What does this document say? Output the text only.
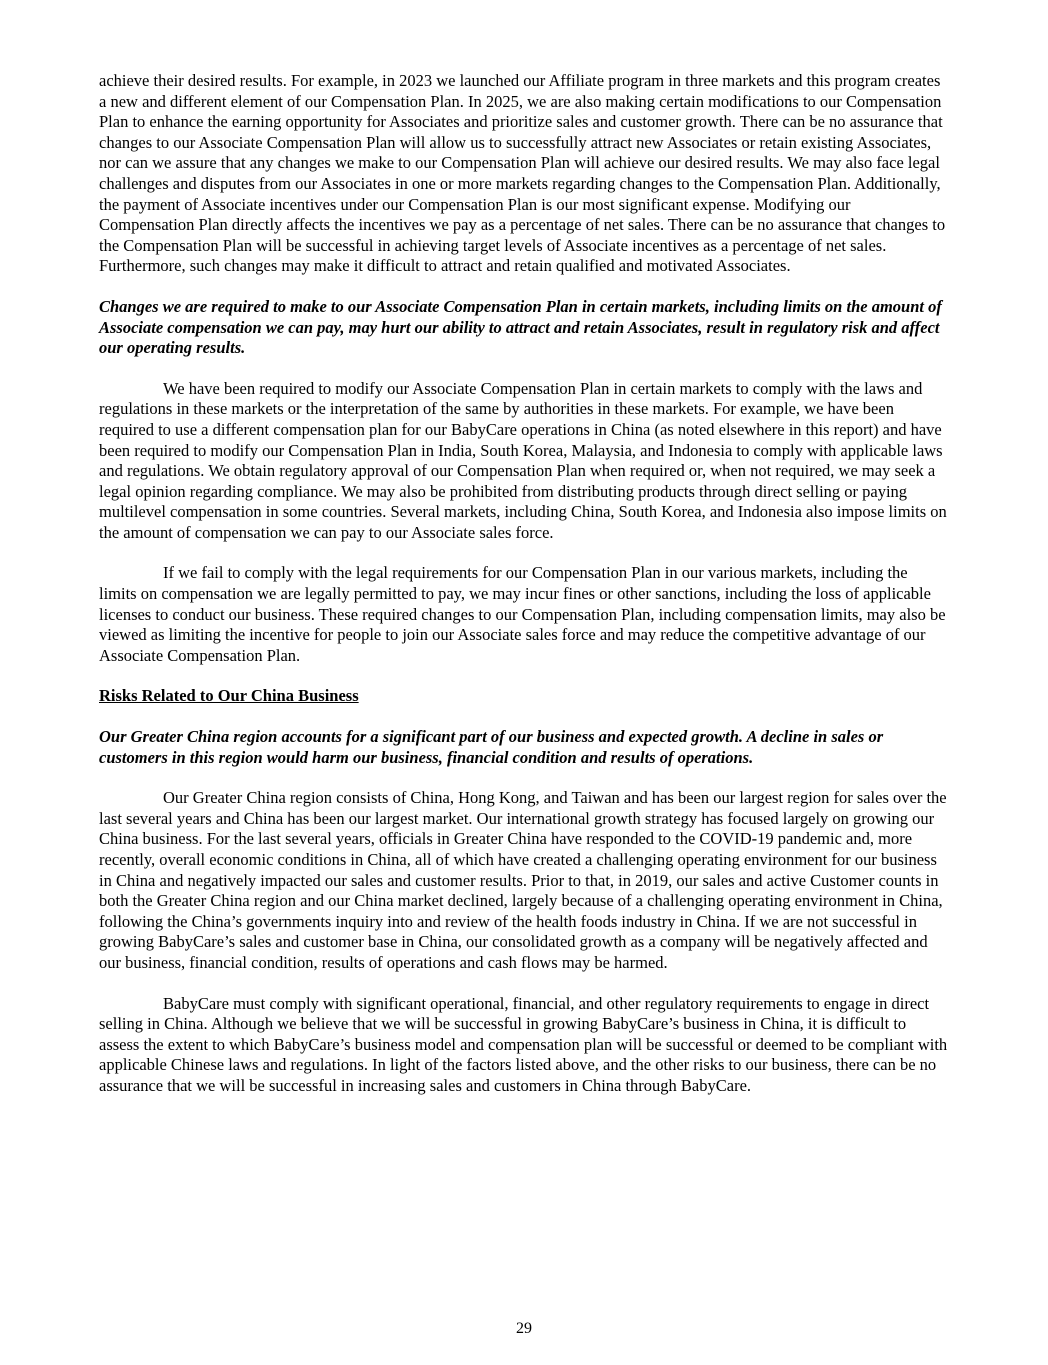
achieve their desired results. For example, in 2023 we launched our Affiliate program in three markets and this program creates a new and different element of our Compensation Plan. In 2025, we are also making certain modifications to our Compensation Plan to enhance the earning opportunity for Associates and prioritize sales and customer growth. There can be no assurance that changes to our Associate Compensation Plan will allow us to successfully attract new Associates or retain existing Associates, nor can we assure that any changes we make to our Compensation Plan will achieve our desired results. We may also face legal challenges and disputes from our Associates in one or more markets regarding changes to the Compensation Plan. Additionally, the payment of Associate incentives under our Compensation Plan is our most significant expense. Modifying our Compensation Plan directly affects the incentives we pay as a percentage of net sales. There can be no assurance that changes to the Compensation Plan will be successful in achieving target levels of Associate incentives as a percentage of net sales. Furthermore, such changes may make it difficult to attract and retain qualified and motivated Associates.

Changes we are required to make to our Associate Compensation Plan in certain markets, including limits on the amount of Associate compensation we can pay, may hurt our ability to attract and retain Associates, result in regulatory risk and affect our operating results.

We have been required to modify our Associate Compensation Plan in certain markets to comply with the laws and regulations in these markets or the interpretation of the same by authorities in these markets. For example, we have been required to use a different compensation plan for our BabyCare operations in China (as noted elsewhere in this report) and have been required to modify our Compensation Plan in India, South Korea, Malaysia, and Indonesia to comply with applicable laws and regulations. We obtain regulatory approval of our Compensation Plan when required or, when not required, we may seek a legal opinion regarding compliance. We may also be prohibited from distributing products through direct selling or paying multilevel compensation in some countries. Several markets, including China, South Korea, and Indonesia also impose limits on the amount of compensation we can pay to our Associate sales force.

If we fail to comply with the legal requirements for our Compensation Plan in our various markets, including the limits on compensation we are legally permitted to pay, we may incur fines or other sanctions, including the loss of applicable licenses to conduct our business. These required changes to our Compensation Plan, including compensation limits, may also be viewed as limiting the incentive for people to join our Associate sales force and may reduce the competitive advantage of our Associate Compensation Plan.

Risks Related to Our China Business

Our Greater China region accounts for a significant part of our business and expected growth. A decline in sales or customers in this region would harm our business, financial condition and results of operations.

Our Greater China region consists of China, Hong Kong, and Taiwan and has been our largest region for sales over the last several years and China has been our largest market. Our international growth strategy has focused largely on growing our China business. For the last several years, officials in Greater China have responded to the COVID-19 pandemic and, more recently, overall economic conditions in China, all of which have created a challenging operating environment for our business in China and negatively impacted our sales and customer results. Prior to that, in 2019, our sales and active Customer counts in both the Greater China region and our China market declined, largely because of a challenging operating environment in China, following the China’s governments inquiry into and review of the health foods industry in China. If we are not successful in growing BabyCare’s sales and customer base in China, our consolidated growth as a company will be negatively affected and our business, financial condition, results of operations and cash flows may be harmed.

BabyCare must comply with significant operational, financial, and other regulatory requirements to engage in direct selling in China. Although we believe that we will be successful in growing BabyCare’s business in China, it is difficult to assess the extent to which BabyCare’s business model and compensation plan will be successful or deemed to be compliant with applicable Chinese laws and regulations. In light of the factors listed above, and the other risks to our business, there can be no assurance that we will be successful in increasing sales and customers in China through BabyCare.

29
